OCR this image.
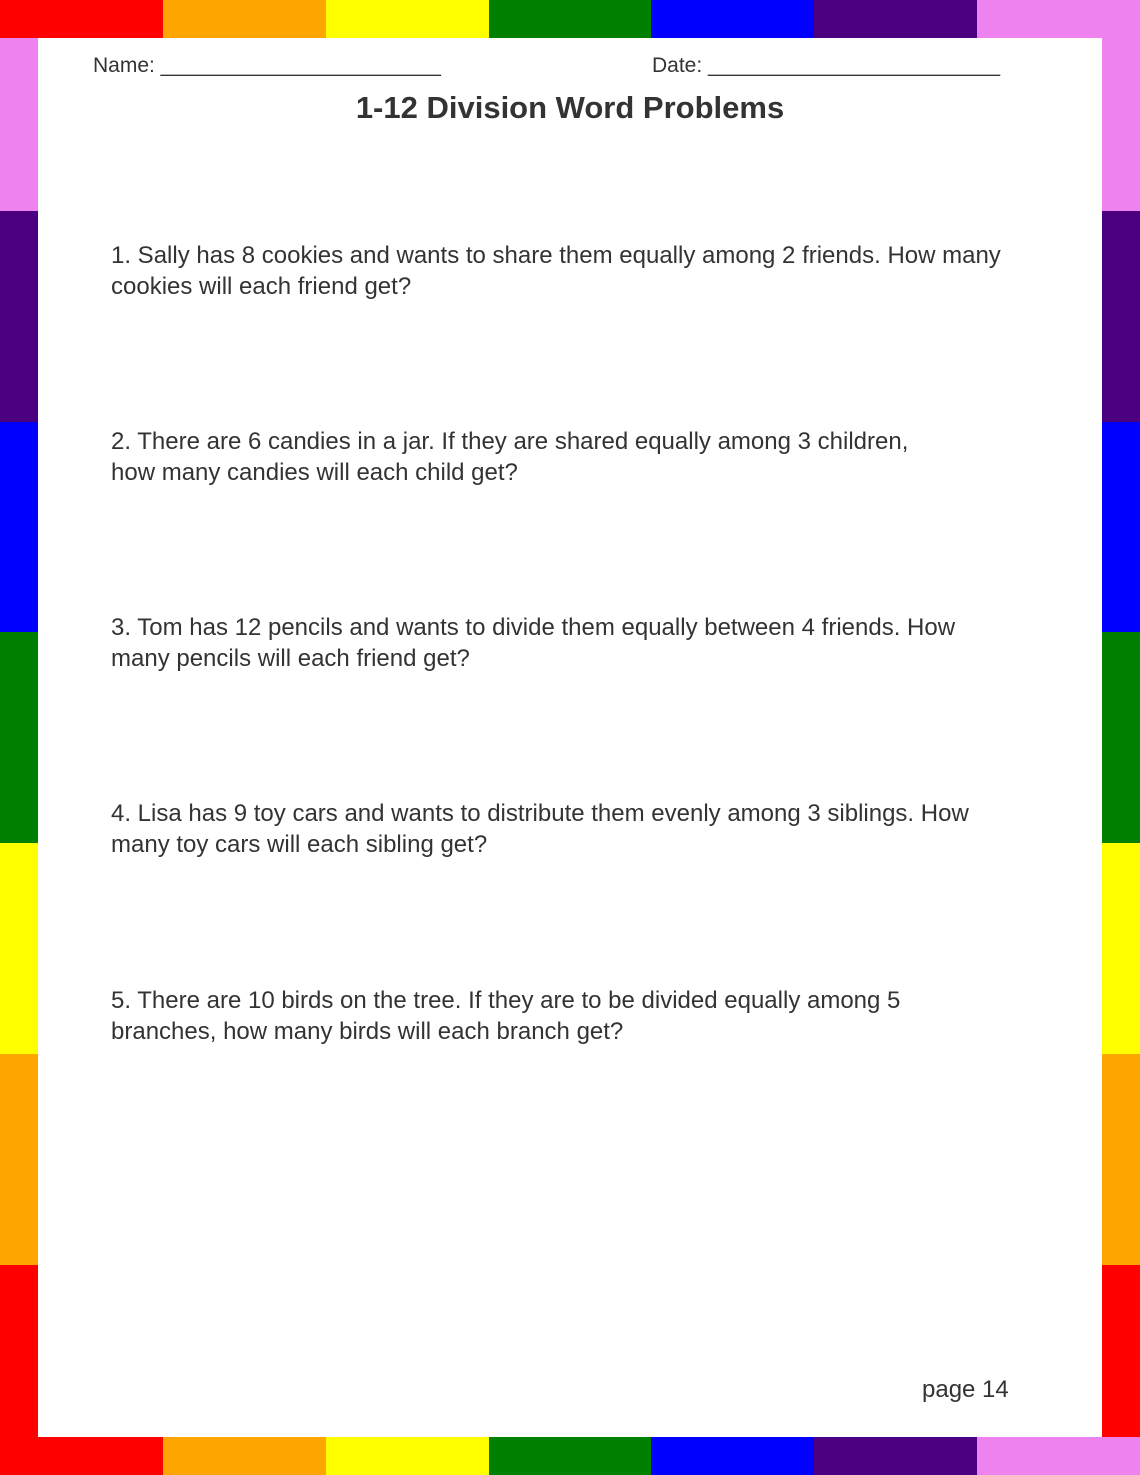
Name: ________________________	Date: _________________________
1-12 Division Word Problems
1. Sally has 8 cookies and wants to share them equally among 2 friends. How many
cookies will each friend get?
2. There are 6 candies in a jar. If they are shared equally among 3 children,
how many candies will each child get?
3. Tom has 12 pencils and wants to divide them equally between 4 friends. How
many pencils will each friend get?
4. Lisa has 9 toy cars and wants to distribute them evenly among 3 siblings. How
many toy cars will each sibling get?
5. There are 10 birds on the tree. If they are to be divided equally among 5
branches, how many birds will each branch get?
page 14
